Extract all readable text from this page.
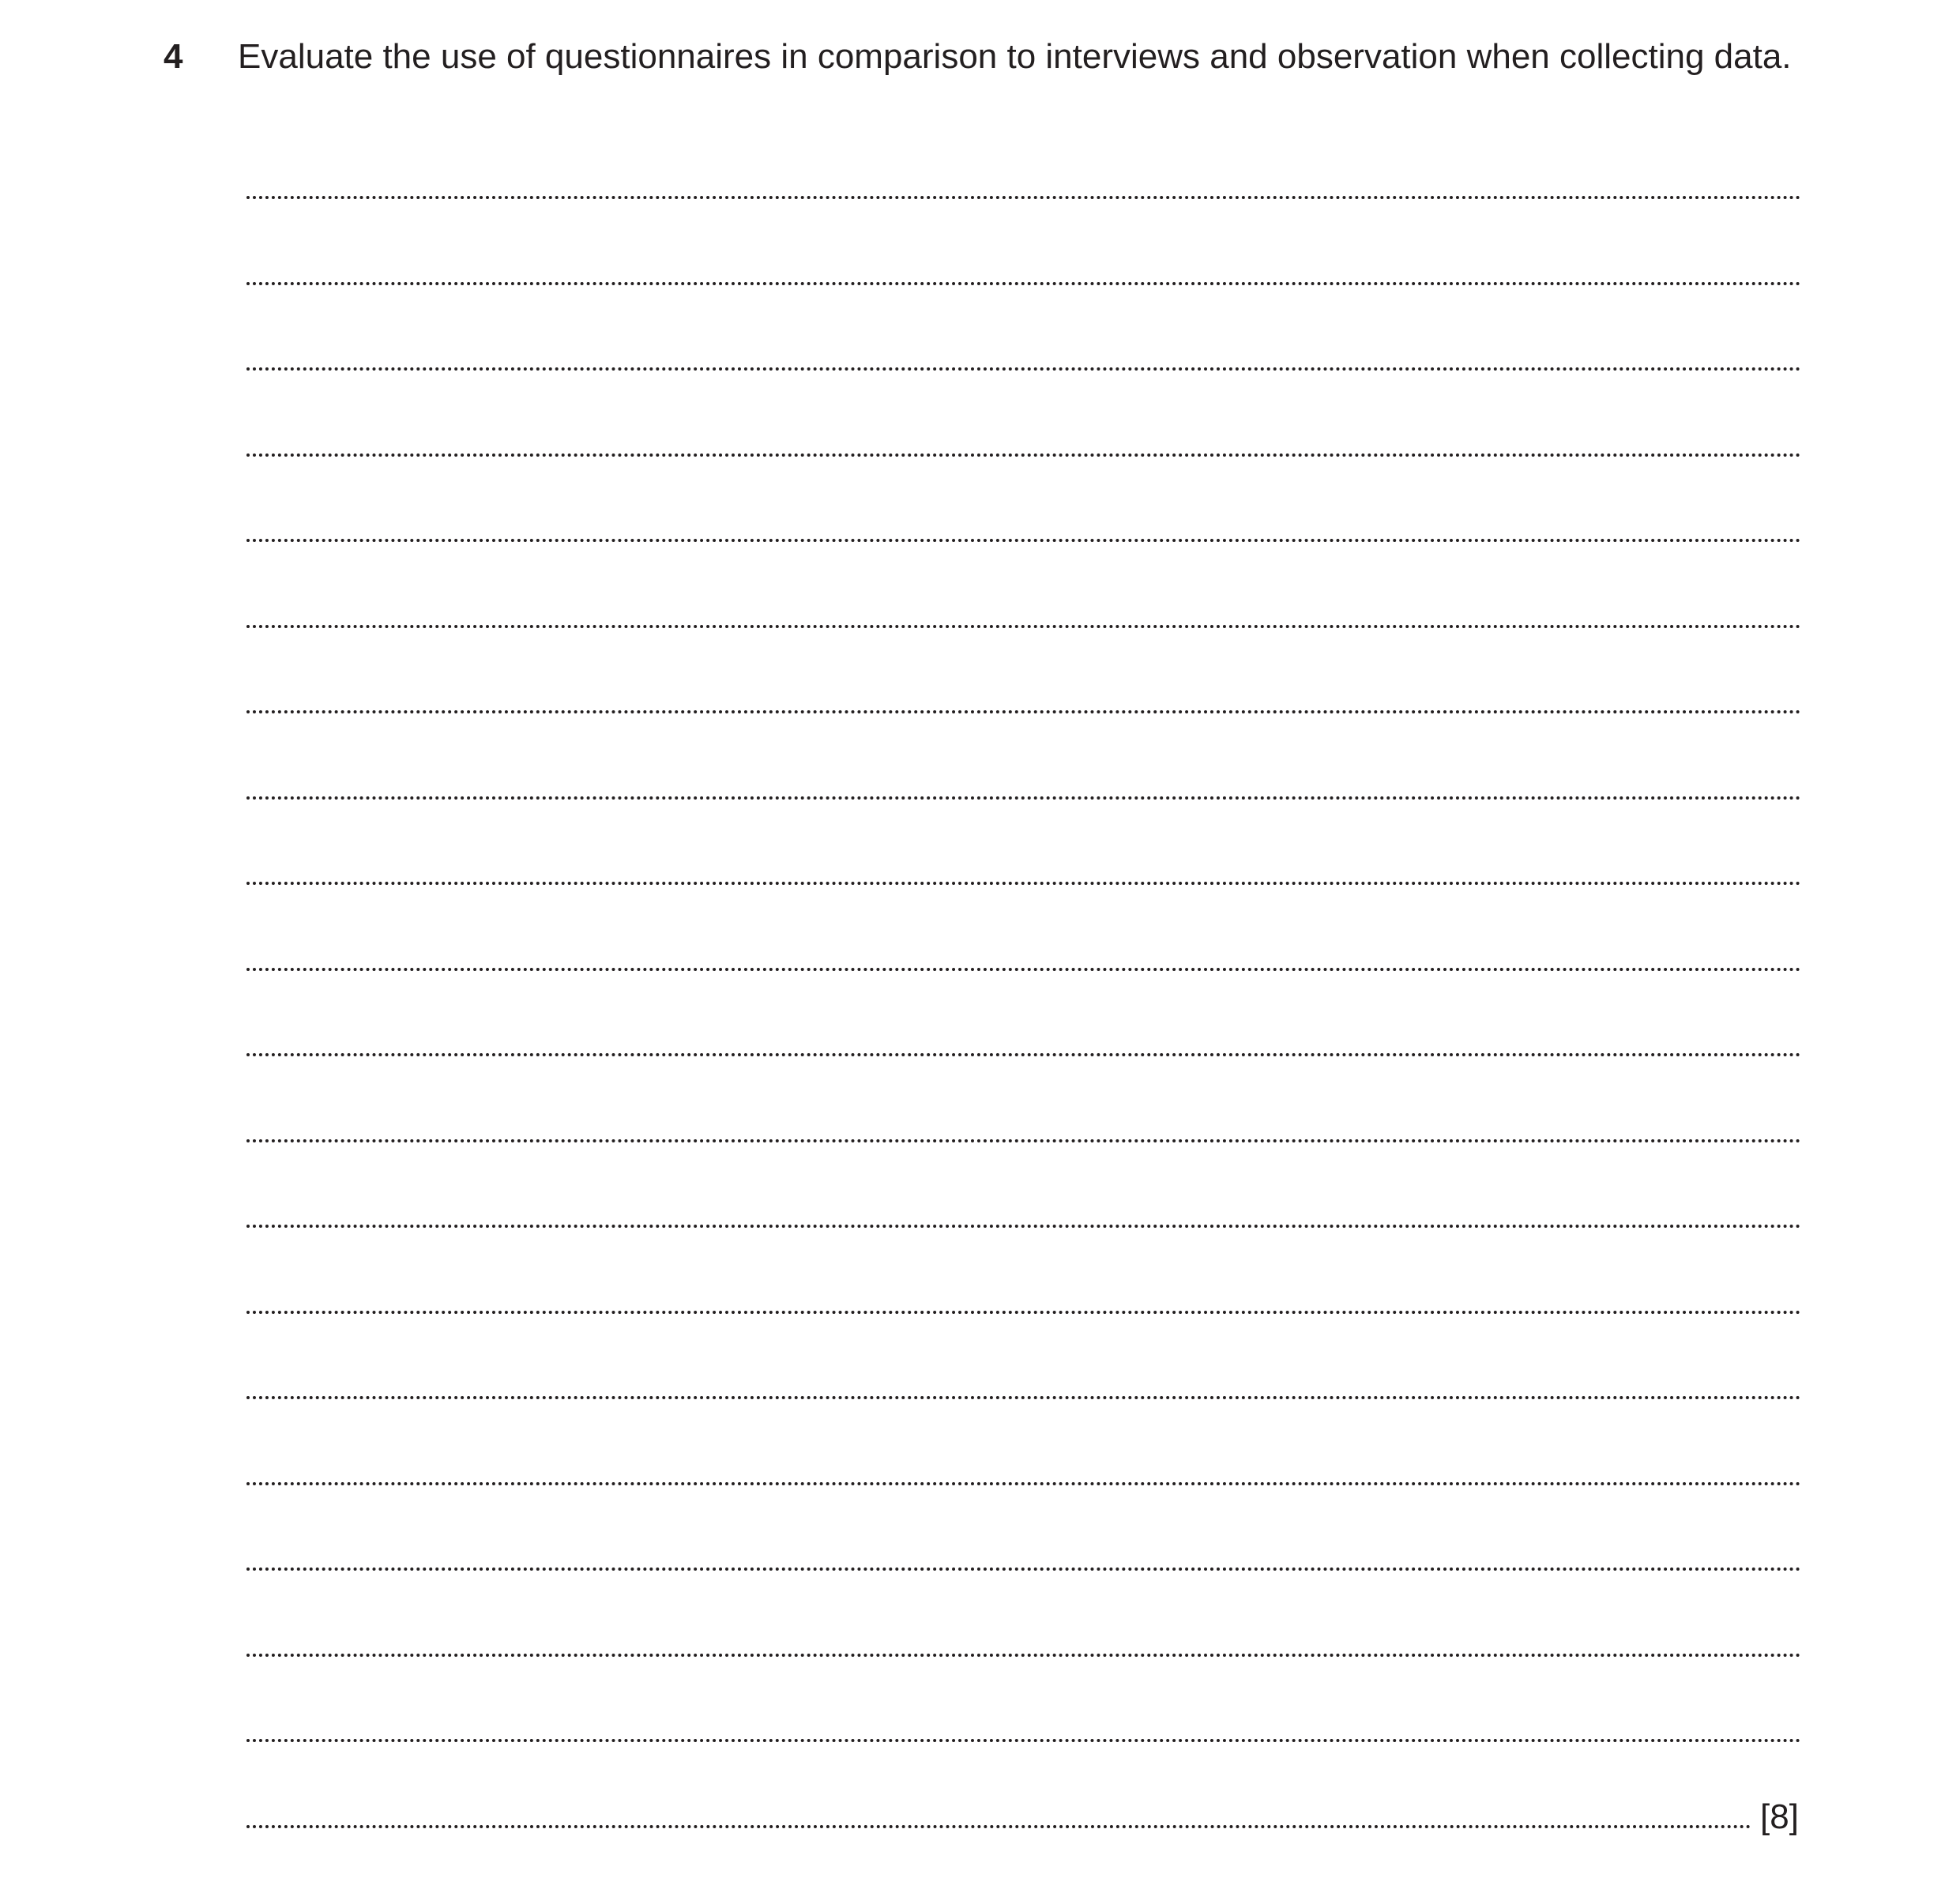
4 Evaluate the use of questionnaires in comparison to interviews and observation when collecting data.
[8]
